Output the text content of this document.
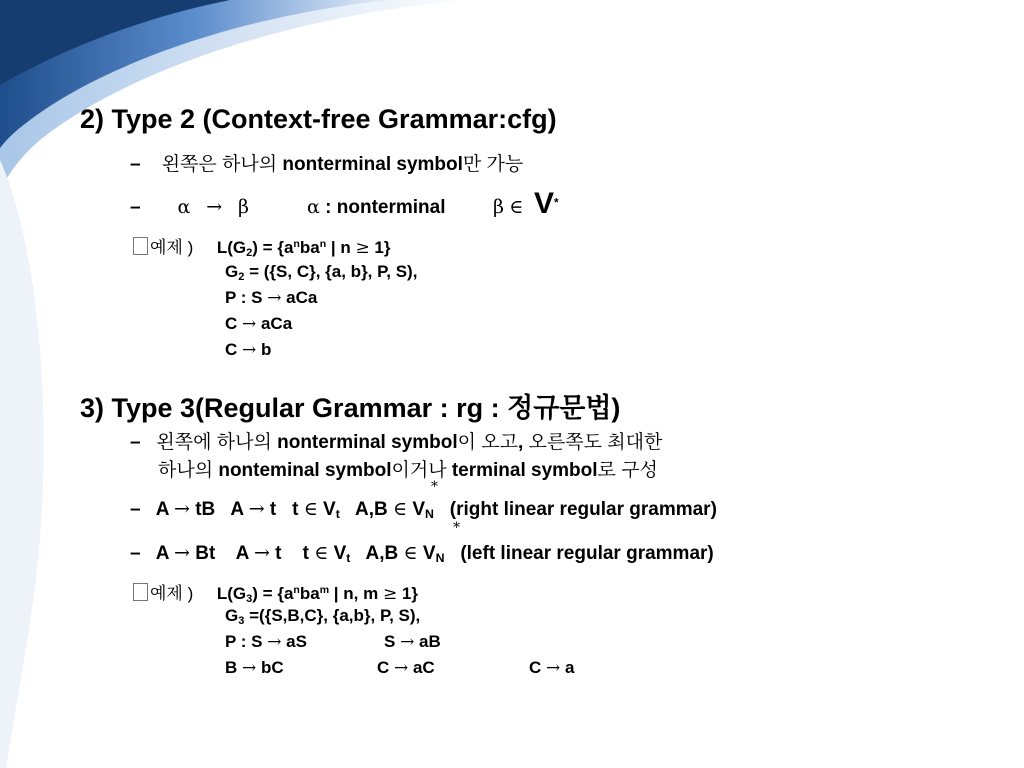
2) Type 2 (Context-free Grammar:cfg)
– 왼쪽은 하나의 nonterminal symbol만 가능
– α → β	α : nonterminal	β ∈ V*
예제 ) $L(G_2) = \{a^nba^n$ | n ≥ 1}
$G_2 = (\{S$, C}, {a, b}, P, S),
P : S → aCa
C → aCa
C → b
3) Type 3(Regular Grammar : rg : 정규문법)
– 왼쪽에 하나의 nonterminal symbol이 오고, 오른쪽도 최대한
하나의 nonteminal symbol이거나 terminal symbol로 구성
*
– A → tB   A → t   t ∈ $V_t$   A,B ∈ $V_N$   (right linear regular grammar)
*
– A → Bt    A → t    t ∈ $V_t$   A,B ∈ $V_N$   (left linear regular grammar)
예제 ) $L(G_3) = \{a^nba^m$ | n, m ≥ 1}
$G_3 =(\{S,B,C\}$, {a,b}, P, S),
P : S → aS	S → aB
B → bC	C → aC	C → a
